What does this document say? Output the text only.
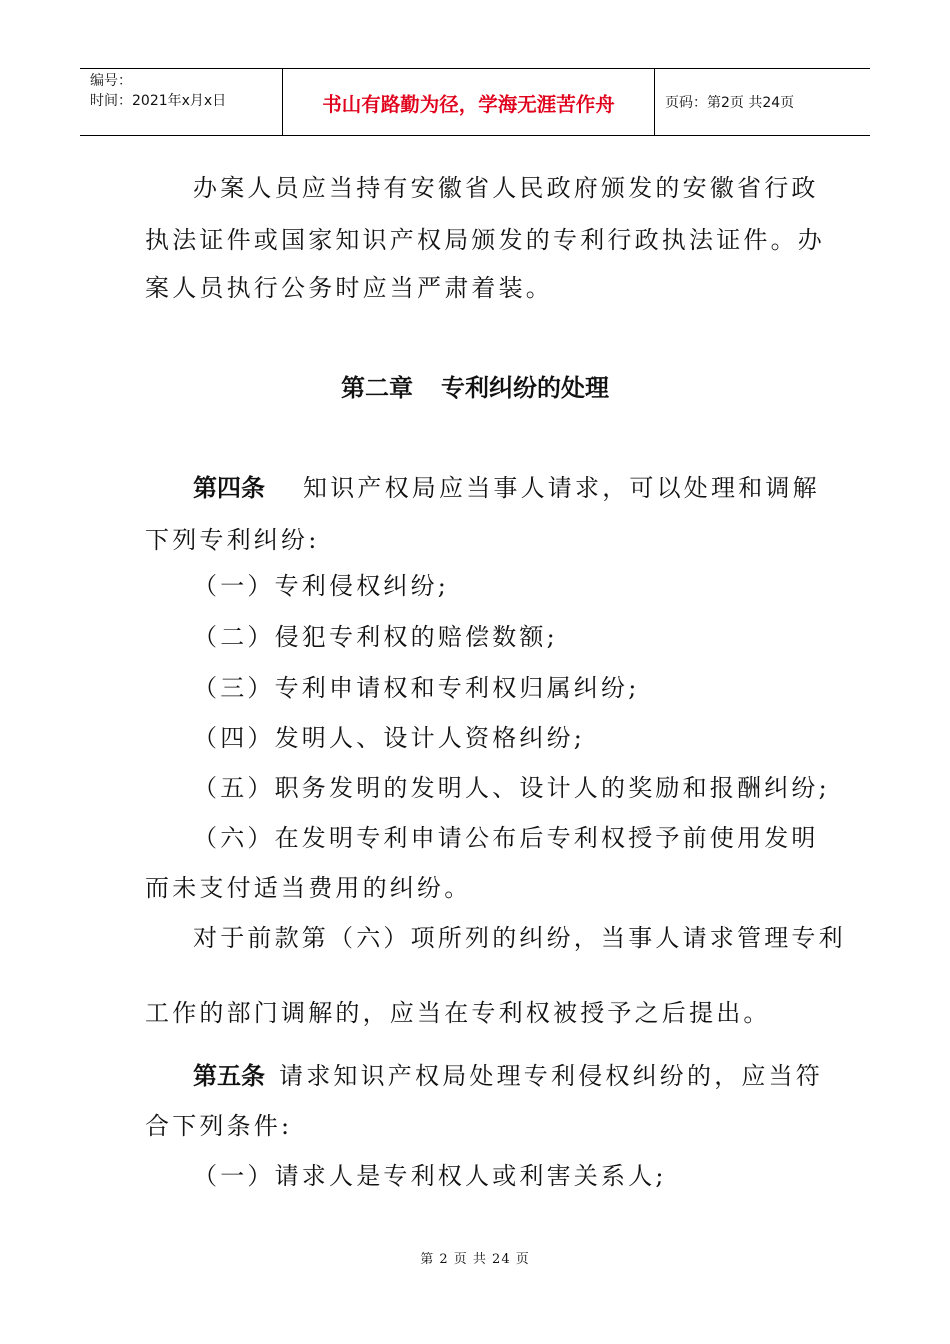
编号：
时间：2021年x月x日	书山有路勤为径，学海无涯苦作舟	页码：第2页 共24页
办案人员应当持有安徽省人民政府颁发的安徽省行政
执法证件或国家知识产权局颁发的专利行政执法证件。办
案人员执行公务时应当严肃着装。
第二章 专利纠纷的处理
第四条 知识产权局应当事人请求，可以处理和调解
下列专利纠纷:
（一）专利侵权纠纷;
（二）侵犯专利权的赔偿数额;
（三）专利申请权和专利权归属纠纷;
（四）发明人、设计人资格纠纷;
（五）职务发明的发明人、设计人的奖励和报酬纠纷;
（六）在发明专利申请公布后专利权授予前使用发明
而未支付适当费用的纠纷。
对于前款第（六）项所列的纠纷，当事人请求管理专利
工作的部门调解的，应当在专利权被授予之后提出。
第五条 请求知识产权局处理专利侵权纠纷的，应当符
合下列条件:
（一）请求人是专利权人或利害关系人;
第 2 页 共 24 页
